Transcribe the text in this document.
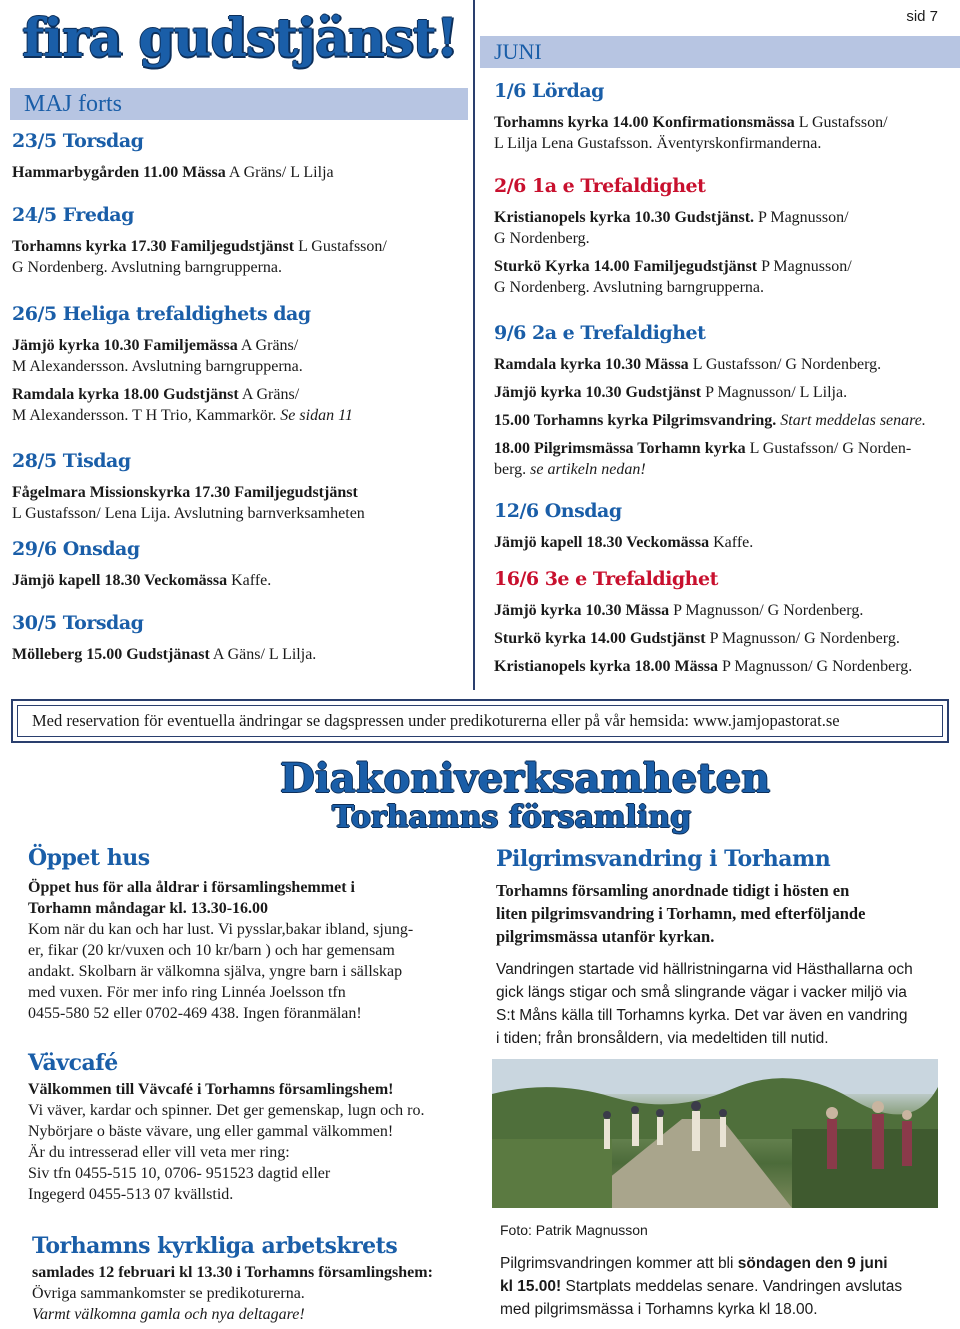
sid 7
fira gudstjänst!
MAJ forts
JUNI
23/5 Torsdag
Hammarbygården 11.00 Mässa A Gräns/ L Lilja
24/5 Fredag
Torhamns kyrka 17.30 Familjegudstjänst L Gustafsson/
G Nordenberg. Avslutning barngrupperna.
26/5 Heliga trefaldighets dag
Jämjö kyrka 10.30 Familjemässa A Gräns/
M Alexandersson. Avslutning barngrupperna.
Ramdala kyrka 18.00 Gudstjänst A Gräns/
M Alexandersson. T H Trio, Kammarkör. Se sidan 11
28/5 Tisdag
Fågelmara Missionskyrka 17.30 Familjegudstjänst
L Gustafsson/ Lena Lija. Avslutning barnverksamheten
29/6 Onsdag
Jämjö kapell 18.30 Veckomässa Kaffe.
30/5 Torsdag
Mölleberg 15.00 Gudstjänast A Gäns/ L Lilja.
1/6 Lördag
Torhamns kyrka 14.00 Konfirmationsmässa L Gustafsson/
L Lilja Lena Gustafsson. Äventyrskonfirmanderna.
2/6 1a e Trefaldighet
Kristianopels kyrka 10.30 Gudstjänst. P Magnusson/
G Nordenberg.
Sturkö Kyrka 14.00 Familjegudstjänst P Magnusson/
G Nordenberg. Avslutning barngrupperna.
9/6 2a e Trefaldighet
Ramdala kyrka 10.30 Mässa L Gustafsson/ G Nordenberg.
Jämjö kyrka 10.30 Gudstjänst P Magnusson/ L Lilja.
15.00 Torhamns kyrka Pilgrimsvandring. Start meddelas senare.
18.00 Pilgrimsmässa Torhamn kyrka L Gustafsson/ G Norden-
berg. se artikeln nedan!
12/6 Onsdag
Jämjö kapell 18.30 Veckomässa Kaffe.
16/6 3e e Trefaldighet
Jämjö kyrka 10.30 Mässa P Magnusson/ G Nordenberg.
Sturkö kyrka 14.00 Gudstjänst P Magnusson/ G Nordenberg.
Kristianopels kyrka 18.00 Mässa P Magnusson/ G Nordenberg.
Med reservation för eventuella ändringar se dagspressen under predikoturerna eller på vår hemsida: www.jamjopastorat.se
Diakoniverksamheten
Torhamns församling
Öppet hus
Öppet hus för alla åldrar i församlingshemmet i
Torhamn måndagar kl. 13.30-16.00
Kom när du kan och har lust. Vi pysslar,bakar ibland, sjung-
er, fikar (20 kr/vuxen och 10 kr/barn ) och har gemensam
andakt. Skolbarn är välkomna själva, yngre barn i sällskap
med vuxen. För mer info ring Linnéa Joelsson tfn
0455-580 52 eller 0702-469 438. Ingen föranmälan!
Vävcafé
Välkommen till Vävcafé i Torhamns församlingshem!
Vi väver, kardar och spinner. Det ger gemenskap, lugn och ro.
Nybörjare o bäste vävare, ung eller gammal välkommen!
Är du intresserad eller vill veta mer ring:
Siv tfn 0455-515 10, 0706- 951523 dagtid eller
Ingegerd 0455-513 07 kvällstid.
Torhamns kyrkliga arbetskrets
samlades 12 februari kl 13.30 i Torhamns församlingshem:
Övriga sammankomster se predikoturerna.
Varmt välkomna gamla och nya deltagare!
Pilgrimsvandring i Torhamn
Torhamns församling anordnade tidigt i hösten en
liten pilgrimsvandring i Torhamn, med efterföljande
pilgrimsmässa utanför kyrkan.
Vandringen startade vid hällristningarna vid Hästhallarna och
gick längs stigar och små slingrande vägar i vacker miljö via
S:t Måns källa till Torhamns kyrka. Det var även en vandring
i tiden; från bronsåldern, via medeltiden till nutid.
Foto: Patrik Magnusson
Pilgrimsvandringen kommer att bli söndagen den 9 juni
kl 15.00! Startplats meddelas senare. Vandringen avslutas
med pilgrimsmässa i Torhamns kyrka kl 18.00.
